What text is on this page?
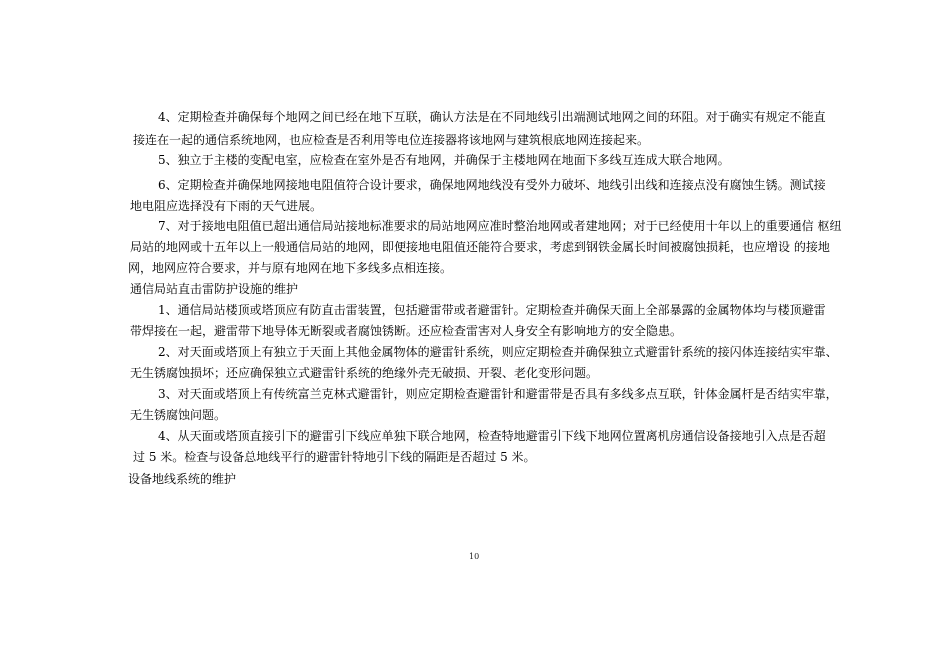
4、定期检查并确保每个地网之间已经在地下互联，确认方法是在不同地线引出端测试地网之间的环阻。对于确实有规定不能直
接连在一起的通信系统地网，也应检查是否利用等电位连接器将该地网与建筑根底地网连接起来。
5、独立于主楼的变配电室，应检查在室外是否有地网，并确保于主楼地网在地面下多线互连成大联合地网。
6、定期检查并确保地网接地电阻值符合设计要求，确保地网地线没有受外力破坏、地线引出线和连接点没有腐蚀生锈。测试接
地电阻应选择没有下雨的天气进展。
7、对于接地电阻值已超出通信局站接地标准要求的局站地网应准时整治地网或者建地网；对于已经使用十年以上的重要通信 枢纽
局站的地网或十五年以上一般通信局站的地网，即便接地电阻值还能符合要求，考虑到钢铁金属长时间被腐蚀损耗，也应增设 的接地
网，地网应符合要求，并与原有地网在地下多线多点相连接。
通信局站直击雷防护设施的维护
1、通信局站楼顶或塔顶应有防直击雷装置，包括避雷带或者避雷针。定期检查并确保天面上全部暴露的金属物体均与楼顶避雷
带焊接在一起，避雷带下地导体无断裂或者腐蚀锈断。还应检查雷害对人身安全有影响地方的安全隐患。
2、对天面或塔顶上有独立于天面上其他金属物体的避雷针系统，则应定期检查并确保独立式避雷针系统的接闪体连接结实牢靠、
无生锈腐蚀损坏；还应确保独立式避雷针系统的绝缘外壳无破损、开裂、老化变形问题。
3、对天面或塔顶上有传统富兰克林式避雷针，则应定期检查避雷针和避雷带是否具有多线多点互联，针体金属杆是否结实牢靠，
无生锈腐蚀问题。
4、从天面或塔顶直接引下的避雷引下线应单独下联合地网，检查特地避雷引下线下地网位置离机房通信设备接地引入点是否超
过 5 米。检查与设备总地线平行的避雷针特地引下线的隔距是否超过 5 米。
设备地线系统的维护
10
